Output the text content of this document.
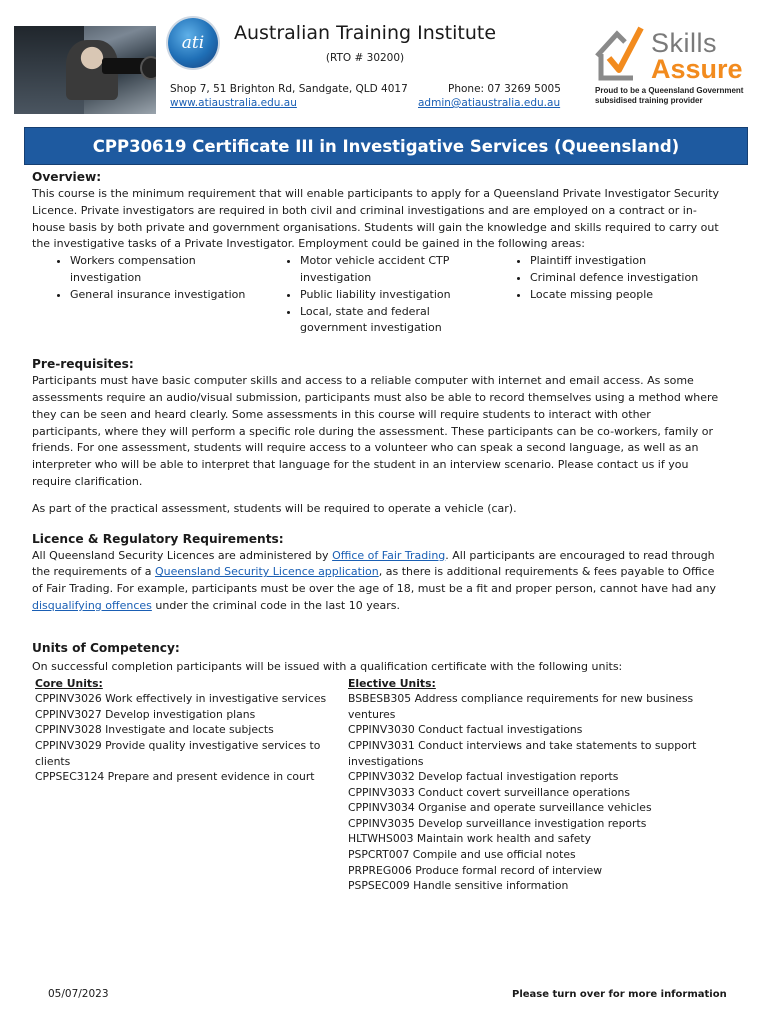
ati	Australian Training Institute
(RTO # 30200)
Shop 7, 51 Brighton Rd, Sandgate, QLD 4017	Phone: 07 3269 5005
www.atiaustralia.edu.au	admin@atiaustralia.edu.au
Skills
Assure
Proud to be a Queensland Government subsidised training provider
CPP30619 Certificate III in Investigative Services (Queensland)
Overview:

This course is the minimum requirement that will enable participants to apply for a Queensland Private Investigator Security Licence. Private investigators are required in both civil and criminal investigations and are employed on a contract or in-house basis by both private and government organisations. Students will gain the knowledge and skills required to carry out the investigative tasks of a Private Investigator. Employment could be gained in the following areas:

• Workers compensation investigation
• General insurance investigation
• Motor vehicle accident CTP investigation
• Public liability investigation
• Local, state and federal government investigation
• Plaintiff investigation
• Criminal defence investigation
• Locate missing people
Pre-requisites:

Participants must have basic computer skills and access to a reliable computer with internet and email access. As some assessments require an audio/visual submission, participants must also be able to record themselves using a method where they can be seen and heard clearly. Some assessments in this course will require students to interact with other participants, where they will perform a specific role during the assessment. These participants can be co-workers, family or friends. For one assessment, students will require access to a volunteer who can speak a second language, as well as an interpreter who will be able to interpret that language for the student in an interview scenario. Please contact us if you require clarification.

As part of the practical assessment, students will be required to operate a vehicle (car).

Licence & Regulatory Requirements:

All Queensland Security Licences are administered by Office of Fair Trading. All participants are encouraged to read through the requirements of a Queensland Security Licence application, as there is additional requirements & fees payable to Office of Fair Trading. For example, participants must be over the age of 18, must be a fit and proper person, cannot have had any disqualifying offences under the criminal code in the last 10 years.

Units of Competency:

On successful completion participants will be issued with a qualification certificate with the following units:

Core Units:
CPPINV3026 Work effectively in investigative services
CPPINV3027 Develop investigation plans
CPPINV3028 Investigate and locate subjects
CPPINV3029 Provide quality investigative services to clients
CPPSEC3124 Prepare and present evidence in court
Elective Units:
BSBESB305 Address compliance requirements for new business ventures
CPPINV3030 Conduct factual investigations
CPPINV3031 Conduct interviews and take statements to support investigations
CPPINV3032 Develop factual investigation reports
CPPINV3033 Conduct covert surveillance operations
CPPINV3034 Organise and operate surveillance vehicles
CPPINV3035 Develop surveillance investigation reports
HLTWHS003 Maintain work health and safety
PSPCRT007 Compile and use official notes
PRPREG006 Produce formal record of interview
PSPSEC009 Handle sensitive information
05/07/2023	Please turn over for more information
